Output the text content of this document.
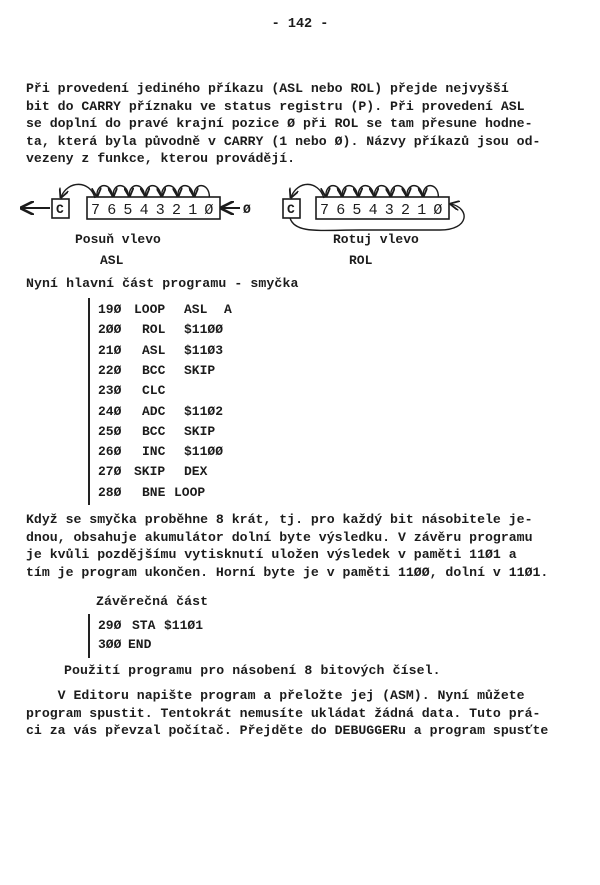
- 142 -
Při provedení jediného příkazu (ASL nebo ROL) přejde nejvyšší
bit do CARRY příznaku ve status registru (P). Při provedení ASL
se doplní do pravé krajní pozice Ø při ROL se tam přesune hodne-
ta, která byla původně v CARRY (1 nebo Ø). Názvy příkazů jsou od-
vezeny z funkce, kterou provádějí.
C 7 6 5 4 3 2 1 Ø Ø	C 7 6 5 4 3 2 1 Ø
Posuň vlevo
ASL
Rotuj vlevo
ROL
Nyní hlavní část programu - smyčka
19Ø LOOP ASL A
2ØØ ROL $11ØØ
21Ø ASL $11Ø3
22Ø BCC SKIP
23Ø CLC
24Ø ADC $11Ø2
25Ø BCC SKIP
26Ø INC $11ØØ
27Ø SKIP DEX
28Ø BNE LOOP
Když se smyčka proběhne 8 krát, tj. pro každý bit násobitele je-
dnou, obsahuje akumulátor dolní byte výsledku. V závěru programu
je kvůli pozdějšímu vytisknutí uložen výsledek v paměti 11Ø1 a
tím je program ukončen. Horní byte je v paměti 11ØØ, dolní v 11Ø1.
Závěrečná část
29Ø STA $11Ø1
3ØØ END
Použití programu pro násobení 8 bitových čísel.
V Editoru napište program a přeložte jej (ASM). Nyní můžete
program spustit. Tentokrát nemusíte ukládat žádná data. Tuto prá-
ci za vás převzal počítač. Přejděte do DEBUGGERu a program spusťte
